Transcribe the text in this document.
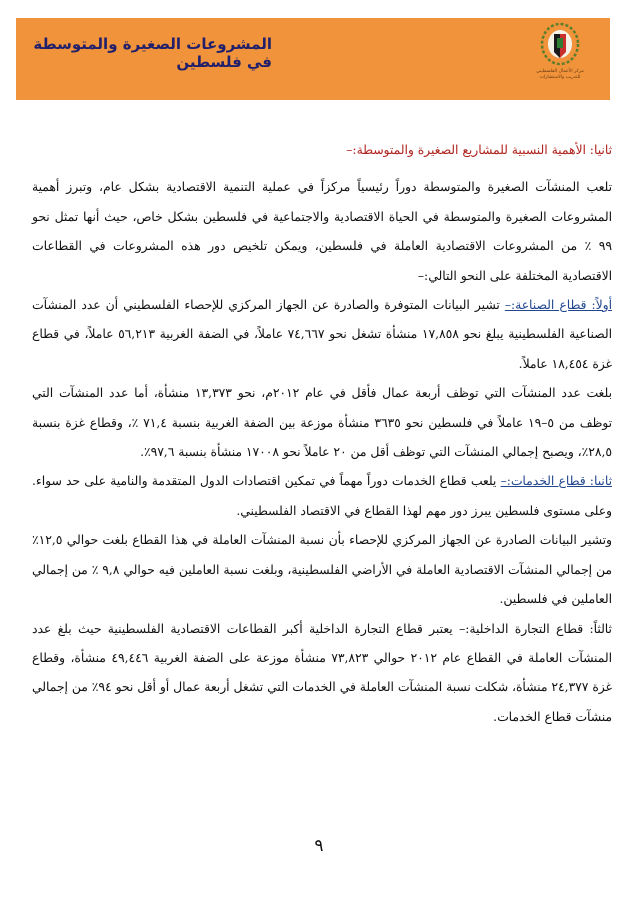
مركز الأعمال الفلسطيني
للتدريب والاستشارات
المشروعات الصغيرة والمتوسطة في فلسطين

ثانيا: الأهمية النسبية للمشاريع الصغيرة والمتوسطة:–

تلعب المنشآت الصغيرة والمتوسطة دوراً رئيسياً مركزاً في عملية التنمية الاقتصادية بشكل عام، وتبرز أهمية المشروعات الصغيرة والمتوسطة في الحياة الاقتصادية والاجتماعية في فلسطين بشكل خاص، حيث أنها تمثل نحو ٩٩ ٪ من المشروعات الاقتصادية العاملة في فلسطين، ويمكن تلخيص دور هذه المشروعات في القطاعات الاقتصادية المختلفة على النحو التالي:–

أولاً: قطاع الصناعة:– تشير البيانات المتوفرة والصادرة عن الجهاز المركزي للإحصاء الفلسطيني أن عدد المنشآت الصناعية الفلسطينية يبلغ نحو ١٧,٨٥٨ منشأة تشغل نحو ٧٤,٦٦٧ عاملاً، في الضفة الغربية ٥٦,٢١٣ عاملاً، في قطاع غزة ١٨,٤٥٤ عاملاً.

بلغت عدد المنشآت التي توظف أربعة عمال فأقل في عام ٢٠١٢م، نحو ١٣,٣٧٣ منشأة، أما عدد المنشآت التي توظف من ٥–١٩ عاملاً في فلسطين نحو ٣٦٣٥ منشأة موزعة بين الضفة الغربية بنسبة ٧١,٤ ٪، وقطاع غزة بنسبة ٢٨,٥٪، ويصبح إجمالي المنشآت التي توظف أقل من ٢٠ عاملاً نحو ١٧٠٠٨ منشأة بنسبة ٩٧,٦٪.

ثانيا: قطاع الخدمات:– يلعب قطاع الخدمات دوراً مهماً في تمكين اقتصادات الدول المتقدمة والنامية على حد سواء. وعلى مستوى فلسطين يبرز دور مهم لهذا القطاع في الاقتصاد الفلسطيني.

وتشير البيانات الصادرة عن الجهاز المركزي للإحصاء بأن نسبة المنشآت العاملة في هذا القطاع بلغت حوالي ١٢,٥٪ من إجمالي المنشآت الاقتصادية العاملة في الأراضي الفلسطينية، وبلغت نسبة العاملين فيه حوالي ٩,٨ ٪ من إجمالي العاملين في فلسطين.

ثالثاً: قطاع التجارة الداخلية:– يعتبر قطاع التجارة الداخلية أكبر القطاعات الاقتصادية الفلسطينية حيث بلغ عدد المنشآت العاملة في القطاع عام ٢٠١٢ حوالي ٧٣,٨٢٣ منشأة موزعة على الضفة الغربية ٤٩,٤٤٦ منشأة، وقطاع غزة ٢٤,٣٧٧ منشأة، شكلت نسبة المنشآت العاملة في الخدمات التي تشغل أربعة عمال أو أقل نحو ٩٤٪ من إجمالي منشآت قطاع الخدمات.

٩
